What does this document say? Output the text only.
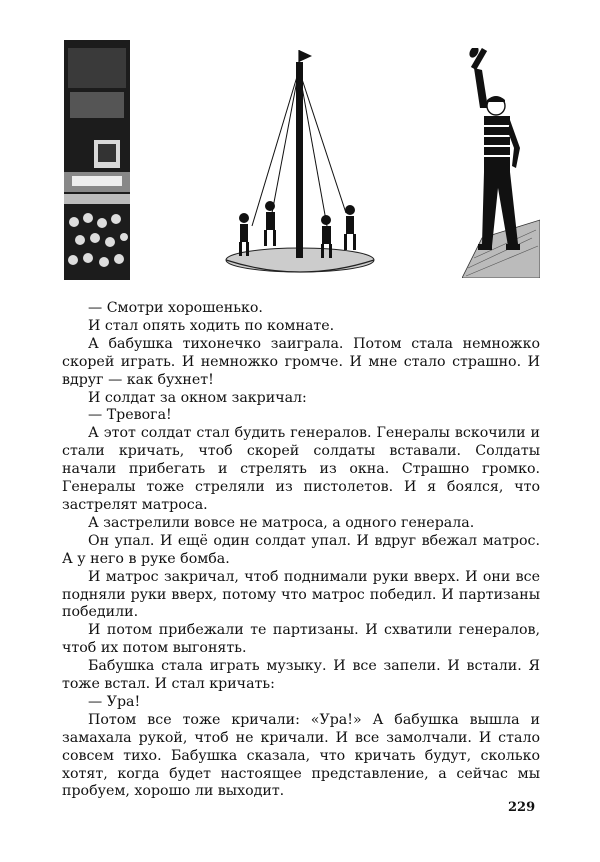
— Смотри хорошенько.

И стал опять ходить по комнате.

А бабушка тихонечко заиграла. Потом стала немножко скорей играть. И немножко громче. И мне стало страшно. И вдруг — как бухнет!

И солдат за окном закричал:

— Тревога!

А этот солдат стал будить генералов. Генералы вскочили и стали кричать, чтоб скорей солдаты вставали. Солдаты начали прибегать и стрелять из окна. Страшно громко. Генералы тоже стреляли из пистолетов. И я боялся, что застрелят матроса.

А застрелили вовсе не матроса, а одного генерала.

Он упал. И ещё один солдат упал. И вдруг вбежал матрос. А у него в руке бомба.

И матрос закричал, чтоб поднимали руки вверх. И они все подняли руки вверх, потому что матрос победил. И партизаны победили.

И потом прибежали те партизаны. И схватили генералов, чтоб их потом выгонять.

Бабушка стала играть музыку. И все запели. И встали. Я тоже встал. И стал кричать:

— Ура!

Потом все тоже кричали: «Ура!» А бабушка вышла и замахала рукой, чтоб не кричали. И все замолчали. И стало совсем тихо. Бабушка сказала, что кричать будут, сколько хотят, когда будет настоящее представление, а сейчас мы пробуем, хорошо ли выходит.

229
